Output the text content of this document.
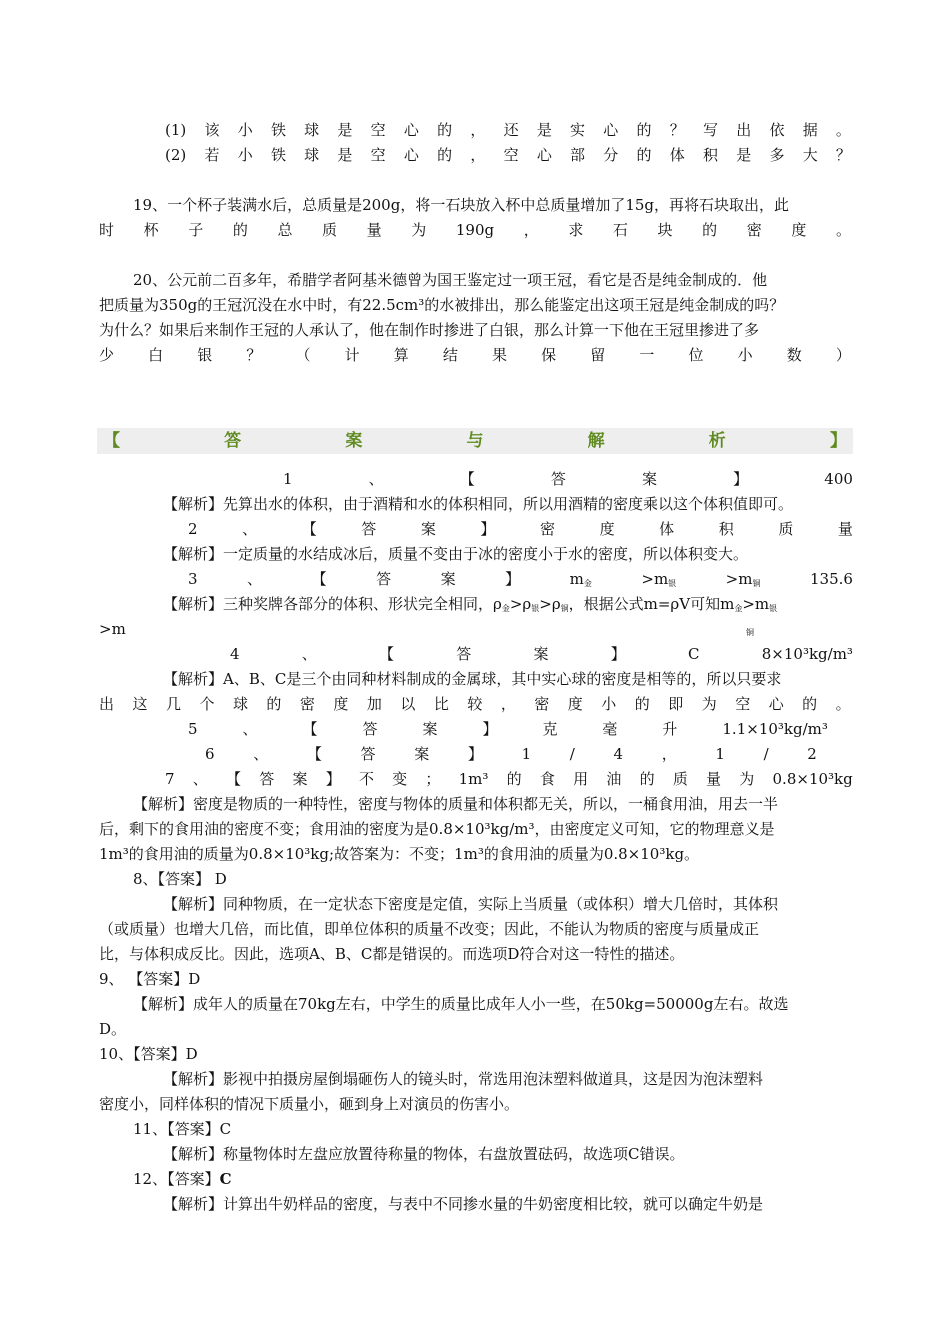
(1) 该 小 铁 球 是 空 心 的 ， 还 是 实 心 的 ？ 写 出 依 据 。
(2) 若 小 铁 球 是 空 心 的 ， 空 心 部 分 的 体 积 是 多 大 ？
19、一个杯子装满水后，总质量是200g，将一石块放入杯中总质量增加了15g，再将石块取出，此
时 杯 子 的 总 质 量 为 190g ， 求 石 块 的 密 度 。
20、公元前二百多年，希腊学者阿基米德曾为国王鉴定过一项王冠，看它是否是纯金制成的．他
把质量为350g的王冠沉没在水中时，有22.5cm³的水被排出，那么能鉴定出这项王冠是纯金制成的吗？
为什么？如果后来制作王冠的人承认了，他在制作时掺进了白银，那么计算一下他在王冠里掺进了多
少 白 银 ？ （ 计 算 结 果 保 留 一 位 小 数 ）
【	答	案	与	解	析	】
1	、	【	答	案	】	400
【解析】先算出水的体积，由于酒精和水的体积相同，所以用酒精的密度乘以这个体积值即可。
2	、	【	答	案	】	密	度	体	积	质	量
【解析】一定质量的水结成冰后，质量不变由于冰的密度小于水的密度，所以体积变大。
3	、	【	答	案	】	$m_金$	$>m_银$	$>m_铜$	135.6
【解析】三种奖牌各部分的体积、形状完全相同，$\rho_金>\rho_银>\rho_铜$，根据公式m=ρV可知$m_金>m_银$
>m	铜
4	、	【	答	案	】	C	8×10³kg/m³
【解析】A、B、C是三个由同种材料制成的金属球，其中实心球的密度是相等的，所以只要求
出 这 几 个 球 的 密 度 加 以 比 较 ， 密 度 小 的 即 为 空 心 的 。
5	、	【	答	案	】	克	毫	升	1.1×10³kg/m³
6	、	【	答	案	】	1	/	4	，	1	/	2
7 、 【 答 案 】 不 变 ； 1m³ 的 食 用 油 的 质 量 为 0.8×10³kg
【解析】密度是物质的一种特性，密度与物体的质量和体积都无关，所以，一桶食用油，用去一半
后，剩下的食用油的密度不变；食用油的密度为是0.8×10³kg/m³，由密度定义可知，它的物理意义是
1m³的食用油的质量为0.8×10³kg;故答案为：不变；1m³的食用油的质量为0.8×10³kg。
8、【答案】 D
【解析】同种物质，在一定状态下密度是定值，实际上当质量（或体积）增大几倍时，其体积
（或质量）也增大几倍，而比值，即单位体积的质量不改变；因此，不能认为物质的密度与质量成正
比，与体积成反比。因此，选项A、B、C都是错误的。而选项D符合对这一特性的描述。
9、 【答案】D
【解析】成年人的质量在70kg左右，中学生的质量比成年人小一些，在50kg=50000g左右。故选
D。
10、【答案】D
【解析】影视中拍摄房屋倒塌砸伤人的镜头时，常选用泡沫塑料做道具，这是因为泡沫塑料
密度小，同样体积的情况下质量小，砸到身上对演员的伤害小。
11、【答案】C
【解析】称量物体时左盘应放置待称量的物体，右盘放置砝码，故选项C错误。
12、【答案】C
【解析】计算出牛奶样品的密度，与表中不同掺水量的牛奶密度相比较，就可以确定牛奶是
